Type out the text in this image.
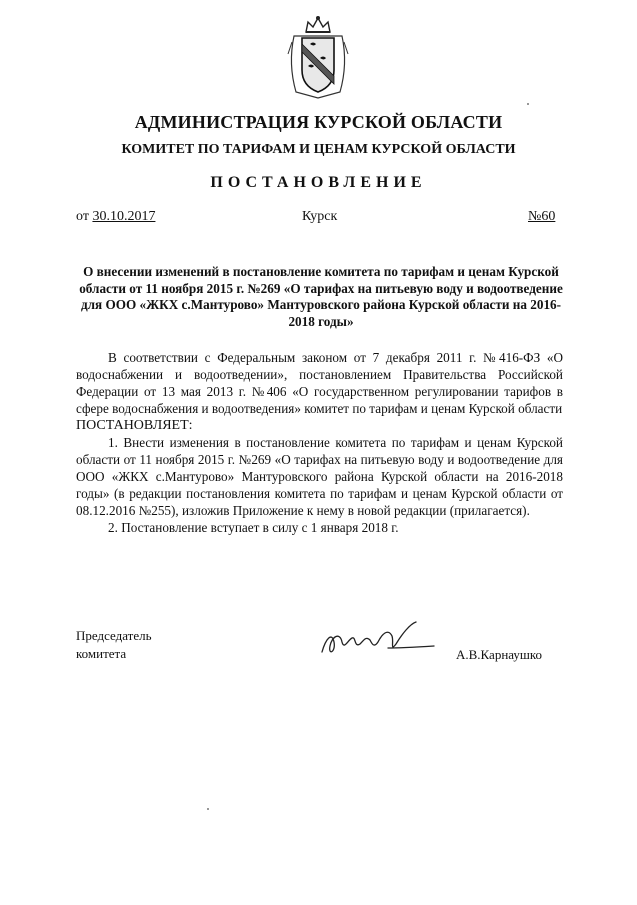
АДМИНИСТРАЦИЯ КУРСКОЙ ОБЛАСТИ
КОМИТЕТ ПО ТАРИФАМ И ЦЕНАМ КУРСКОЙ ОБЛАСТИ
ПОСТАНОВЛЕНИЕ
от 30.10.2017	Курск	№60
О внесении изменений в постановление комитета по тарифам и ценам Курской области от 11 ноября 2015 г. №269 «О тарифах на питьевую воду и водоотведение для ООО «ЖКХ с.Мантурово» Мантуровского района Курской области на 2016-2018 годы»

В соответствии с Федеральным законом от 7 декабря 2011 г. №416-ФЗ «О водоснабжении и водоотведении», постановлением Правительства Российской Федерации от 13 мая 2013 г. №406 «О государственном регулировании тарифов в сфере водоснабжения и водоотведения» комитет по тарифам и ценам Курской области

ПОСТАНОВЛЯЕТ:

1. Внести изменения в постановление комитета по тарифам и ценам Курской области от 11 ноября 2015 г. №269 «О тарифах на питьевую воду и водоотведение для ООО «ЖКХ с.Мантурово» Мантуровского района Курской области на 2016-2018 годы» (в редакции постановления комитета по тарифам и ценам Курской области от 08.12.2016 №255), изложив Приложение к нему в новой редакции (прилагается).

2. Постановление вступает в силу с 1 января 2018 г.

Председатель
комитета	А.В.Карнаушко
